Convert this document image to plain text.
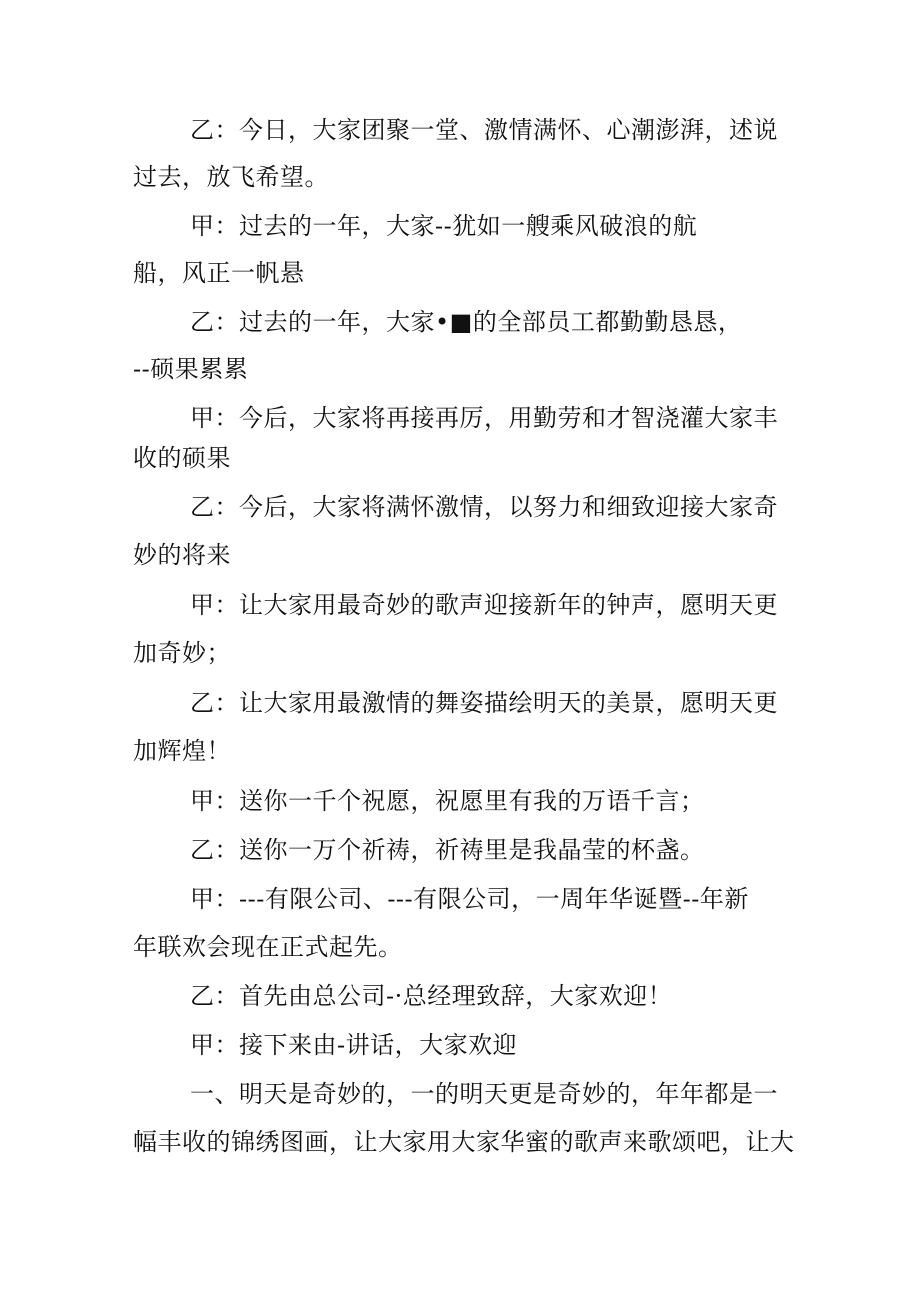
乙：今日，大家团聚一堂、激情满怀、心潮澎湃，述说
过去，放飞希望。
甲：过去的一年，大家--犹如一艘乘风破浪的航
船，风正一帆悬
乙：过去的一年，大家•■的全部员工都勤勤恳恳，
--硕果累累
甲：今后，大家将再接再厉，用勤劳和才智浇灌大家丰
收的硕果
乙：今后，大家将满怀激情，以努力和细致迎接大家奇
妙的将来
甲：让大家用最奇妙的歌声迎接新年的钟声，愿明天更
加奇妙；
乙：让大家用最激情的舞姿描绘明天的美景，愿明天更
加辉煌！
甲：送你一千个祝愿，祝愿里有我的万语千言；
乙：送你一万个祈祷，祈祷里是我晶莹的杯盏。
甲：---有限公司、---有限公司，一周年华诞暨--年新
年联欢会现在正式起先。
乙：首先由总公司-·总经理致辞，大家欢迎！
甲：接下来由-讲话，大家欢迎
一、明天是奇妙的，一的明天更是奇妙的，年年都是一
幅丰收的锦绣图画，让大家用大家华蜜的歌声来歌颂吧，让大
